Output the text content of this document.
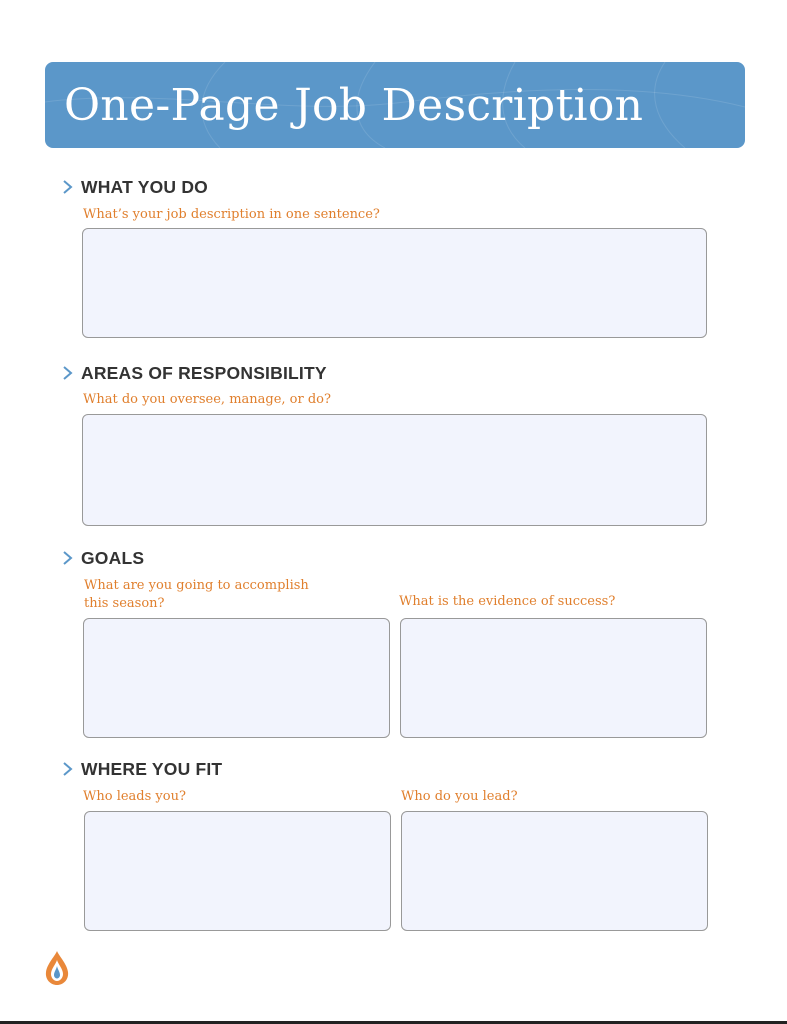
One-Page Job Description
WHAT YOU DO
What’s your job description in one sentence?
AREAS OF RESPONSIBILITY
What do you oversee, manage, or do?
GOALS
What are you going to accomplish
this season?	What is the evidence of success?
WHERE YOU FIT
Who leads you?	Who do you lead?
